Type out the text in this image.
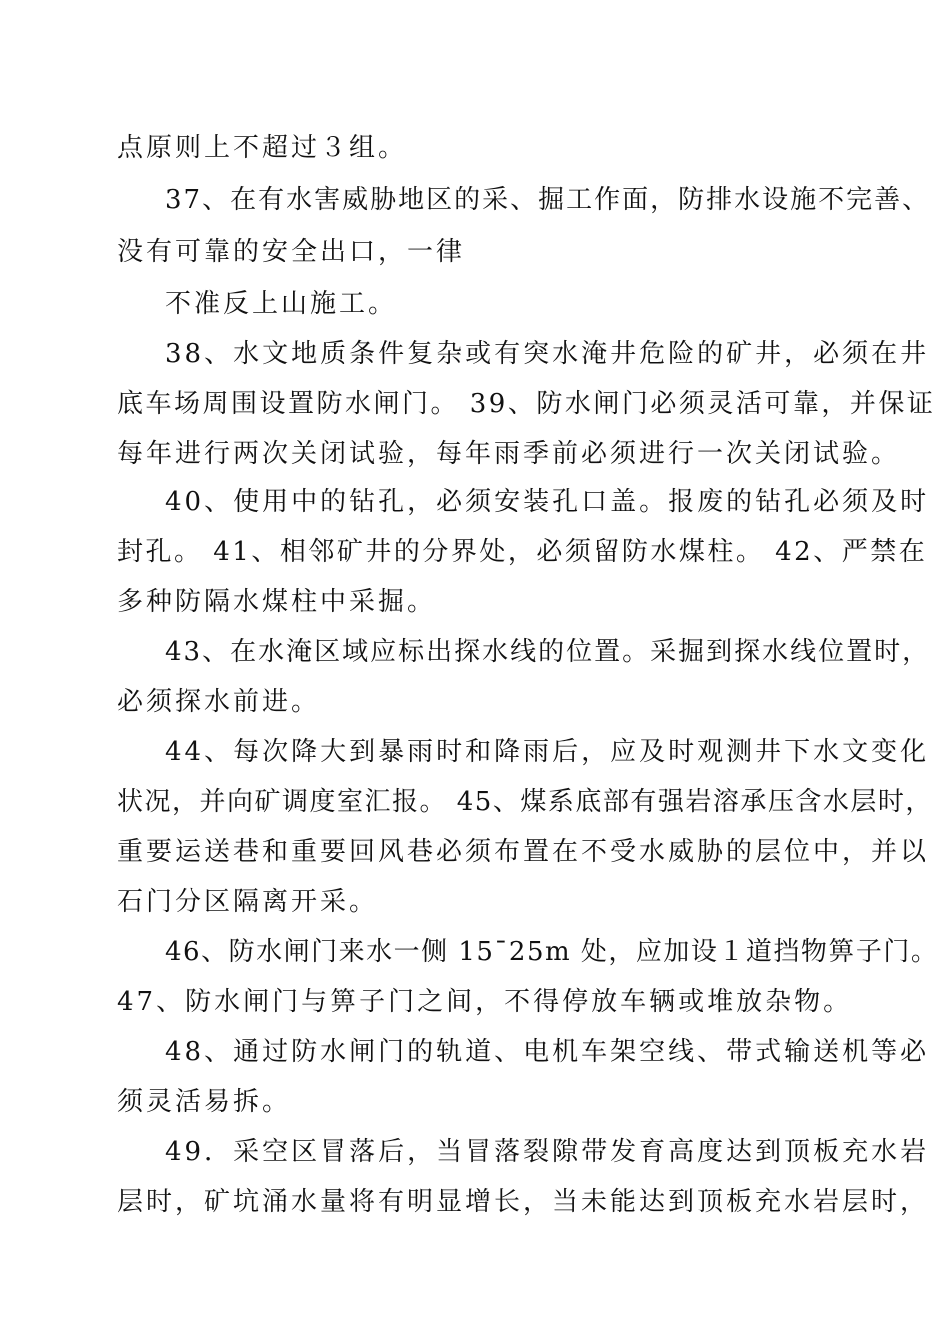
点原则上不超过３组。
37、在有水害威胁地区的采、掘工作面，防排水设施不完善、
没有可靠的安全出口，一律
不准反上山施工。
38、水文地质条件复杂或有突水淹井危险的矿井，必须在井
底车场周围设置防水闸门。 39、防水闸门必须灵活可靠，并保证
每年进行两次关闭试验，每年雨季前必须进行一次关闭试验。
40、使用中的钻孔，必须安装孔口盖。报废的钻孔必须及时
封孔。 41、相邻矿井的分界处，必须留防水煤柱。 42、严禁在
多种防隔水煤柱中采掘。
43、在水淹区域应标出探水线的位置。采掘到探水线位置时，
必须探水前进。
44、每次降大到暴雨时和降雨后，应及时观测井下水文变化
状况，并向矿调度室汇报。 45、煤系底部有强岩溶承压含水层时，
重要运送巷和重要回风巷必须布置在不受水威胁的层位中，并以
石门分区隔离开采。
46、防水闸门来水一侧 15¯25m 处，应加设１道挡物箅子门。
47、防水闸门与箅子门之间，不得停放车辆或堆放杂物。
48、通过防水闸门的轨道、电机车架空线、带式输送机等必
须灵活易拆。
49．采空区冒落后，当冒落裂隙带发育高度达到顶板充水岩
层时，矿坑涌水量将有明显增长，当未能达到顶板充水岩层时，
